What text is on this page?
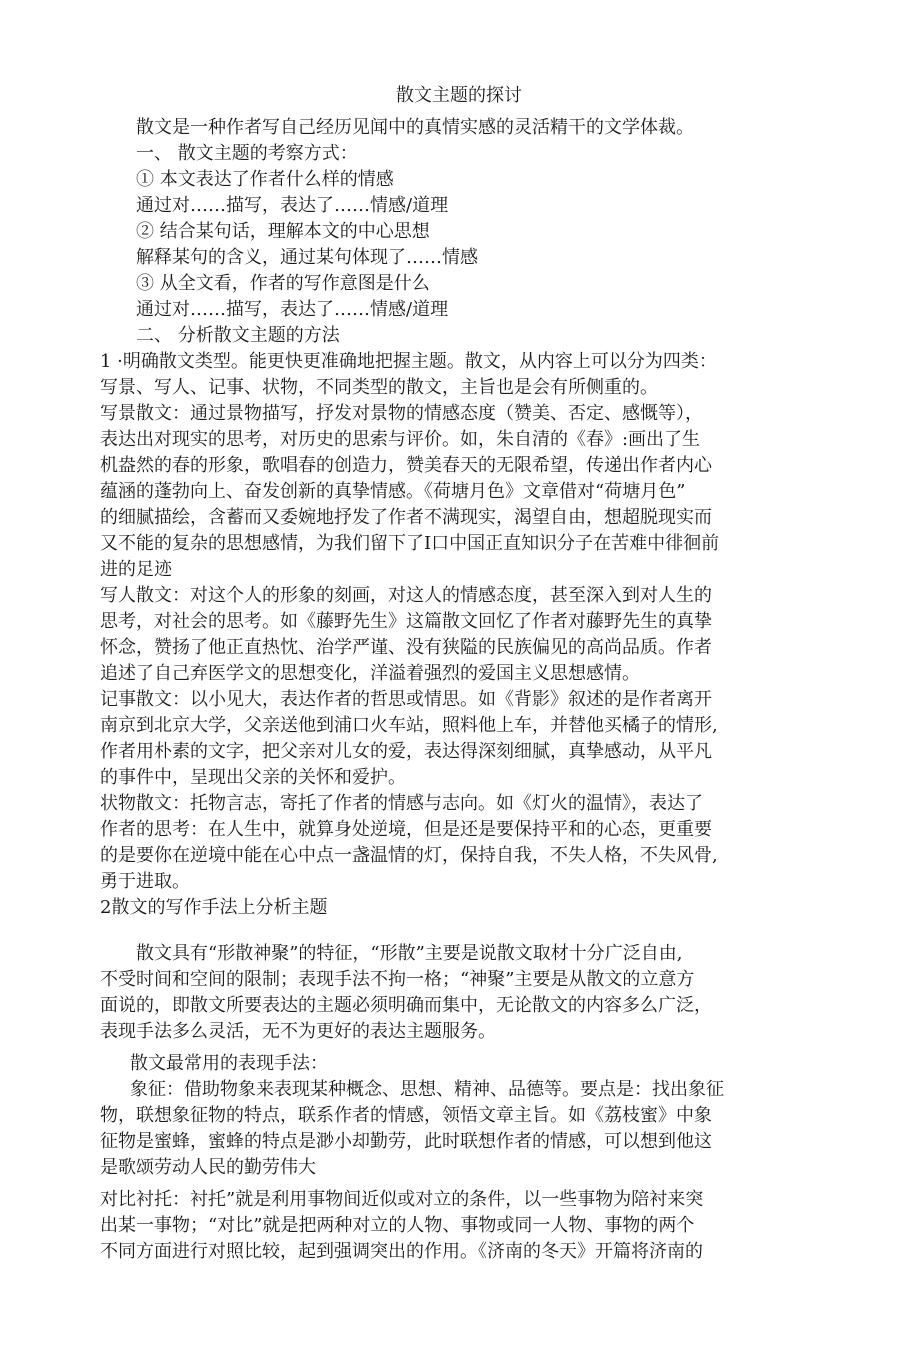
散文主题的探讨
散文是一种作者写自己经历见闻中的真情实感的灵活精干的文学体裁。
一、 散文主题的考察方式：
① 本文表达了作者什么样的情感
通过对……描写，表达了……情感/道理
② 结合某句话，理解本文的中心思想
解释某句的含义，通过某句体现了……情感
③ 从全文看，作者的写作意图是什么
通过对……描写，表达了……情感/道理
二、 分析散文主题的方法
1 ·明确散文类型。能更快更准确地把握主题。散文，从内容上可以分为四类：
写景、写人、记事、状物，不同类型的散文，主旨也是会有所侧重的。
写景散文：通过景物描写，抒发对景物的情感态度（赞美、否定、感慨等），
表达出对现实的思考，对历史的思索与评价。如，朱自清的《春》:画出了生
机盎然的春的形象，歌唱春的创造力，赞美春天的无限希望，传递出作者内心
蕴涵的蓬勃向上、奋发创新的真挚情感。《荷塘月色》文章借对“荷塘月色”
的细腻描绘，含蓄而又委婉地抒发了作者不满现实，渴望自由，想超脱现实而
又不能的复杂的思想感情，为我们留下了I口中国正直知识分子在苦难中徘徊前
进的足迹
写人散文：对这个人的形象的刻画，对这人的情感态度，甚至深入到对人生的
思考，对社会的思考。如《藤野先生》这篇散文回忆了作者对藤野先生的真挚
怀念，赞扬了他正直热忱、治学严谨、没有狭隘的民族偏见的高尚品质。作者
追述了自己弃医学文的思想变化，洋溢着强烈的爱国主义思想感情。
记事散文：以小见大，表达作者的哲思或情思。如《背影》叙述的是作者离开
南京到北京大学，父亲送他到浦口火车站，照料他上车，并替他买橘子的情形,
作者用朴素的文字，把父亲对儿女的爱，表达得深刻细腻，真挚感动，从平凡
的事件中，呈现出父亲的关怀和爱护。
状物散文：托物言志，寄托了作者的情感与志向。如《灯火的温情》，表达了
作者的思考：在人生中，就算身处逆境，但是还是要保持平和的心态，更重要
的是要你在逆境中能在心中点一盏温情的灯，保持自我，不失人格，不失风骨,
勇于进取。
2散文的写作手法上分析主题
散文具有“形散神聚”的特征，“形散”主要是说散文取材十分广泛自由,
不受时间和空间的限制；表现手法不拘一格；“神聚”主要是从散文的立意方
面说的，即散文所要表达的主题必须明确而集中，无论散文的内容多么广泛，
表现手法多么灵活，无不为更好的表达主题服务。
散文最常用的表现手法：
象征：借助物象来表现某种概念、思想、精神、品德等。要点是：找出象征
物，联想象征物的特点，联系作者的情感，领悟文章主旨。如《荔枝蜜》中象
征物是蜜蜂，蜜蜂的特点是渺小却勤劳，此时联想作者的情感，可以想到他这
是歌颂劳动人民的勤劳伟大
对比衬托：衬托”就是利用事物间近似或对立的条件，以一些事物为陪衬来突
出某一事物；“对比”就是把两种对立的人物、事物或同一人物、事物的两个
不同方面进行对照比较，起到强调突出的作用。《济南的冬天》开篇将济南的
